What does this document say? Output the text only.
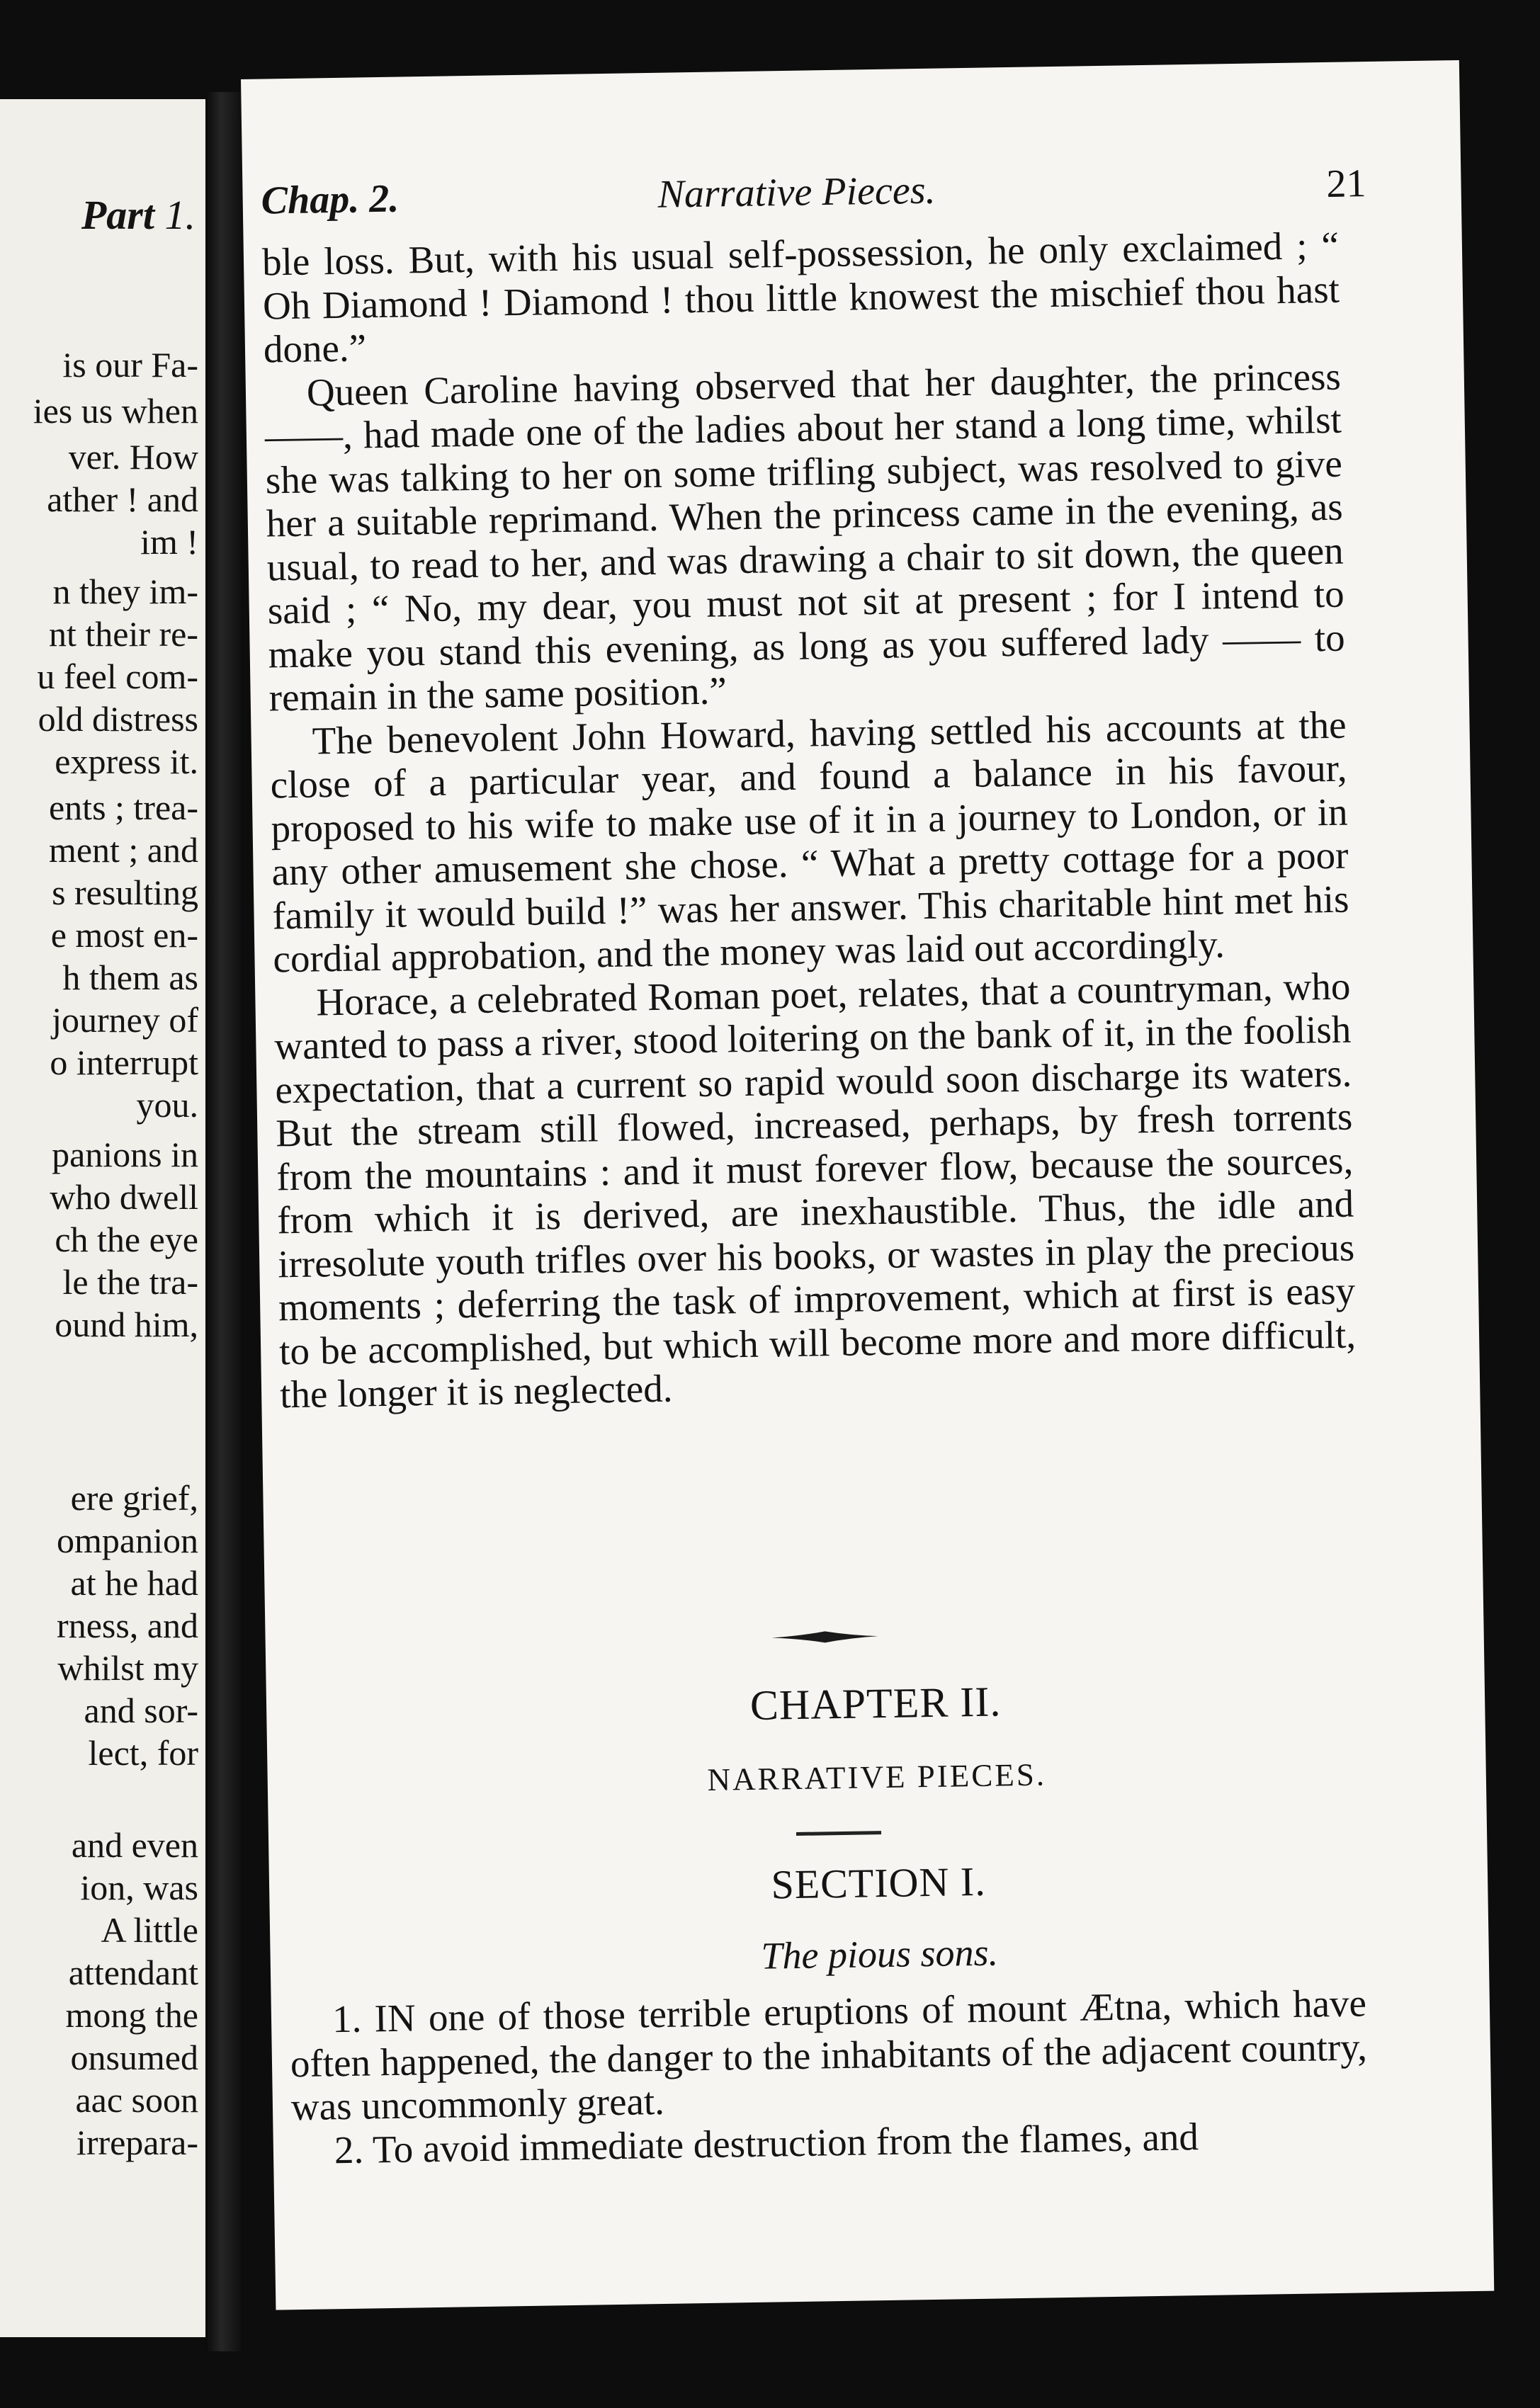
Part 1.
is our Fa-
ies us when
ver. How
ather ! and
im !
n they im-
nt their re-
u feel com-
old distress
express it.
ents ; trea-
ment ; and
s resulting
e most en-
h them as
journey of
o interrupt
you.
panions in
who dwell
ch the eye
le the tra-
ound him,
ere grief,
ompanion
at he had
rness, and
whilst my
and sor-
lect, for
and even
ion, was
A little
attendant
mong the
onsumed
aac soon
irrepara-
Chap. 2.	Narrative Pieces.	21

ble loss. But, with his usual self-possession, he only exclaimed ; “ Oh Diamond ! Diamond ! thou little knowest the mischief thou hast done.”

Queen Caroline having observed that her daughter, the princess ——, had made one of the ladies about her stand a long time, whilst she was talking to her on some trifling subject, was resolved to give her a suitable reprimand. When the princess came in the evening, as usual, to read to her, and was drawing a chair to sit down, the queen said ; “ No, my dear, you must not sit at present ; for I intend to make you stand this evening, as long as you suffered lady —— to remain in the same position.”

The benevolent John Howard, having settled his accounts at the close of a particular year, and found a balance in his favour, proposed to his wife to make use of it in a journey to London, or in any other amusement she chose. “ What a pretty cottage for a poor family it would build !” was her answer. This charitable hint met his cordial approbation, and the money was laid out accordingly.

Horace, a celebrated Roman poet, relates, that a countryman, who wanted to pass a river, stood loitering on the bank of it, in the foolish expectation, that a current so rapid would soon discharge its waters. But the stream still flowed, increased, perhaps, by fresh torrents from the mountains : and it must forever flow, because the sources, from which it is derived, are inexhaustible. Thus, the idle and irresolute youth trifles over his books, or wastes in play the precious moments ; deferring the task of improvement, which at first is easy to be accomplished, but which will become more and more difficult, the longer it is neglected.

CHAPTER II.
NARRATIVE PIECES.
SECTION I.
The pious sons.

1. IN one of those terrible eruptions of mount Ætna, which have often happened, the danger to the inhabitants of the adjacent country, was uncommonly great.

2. To avoid immediate destruction from the flames, and
